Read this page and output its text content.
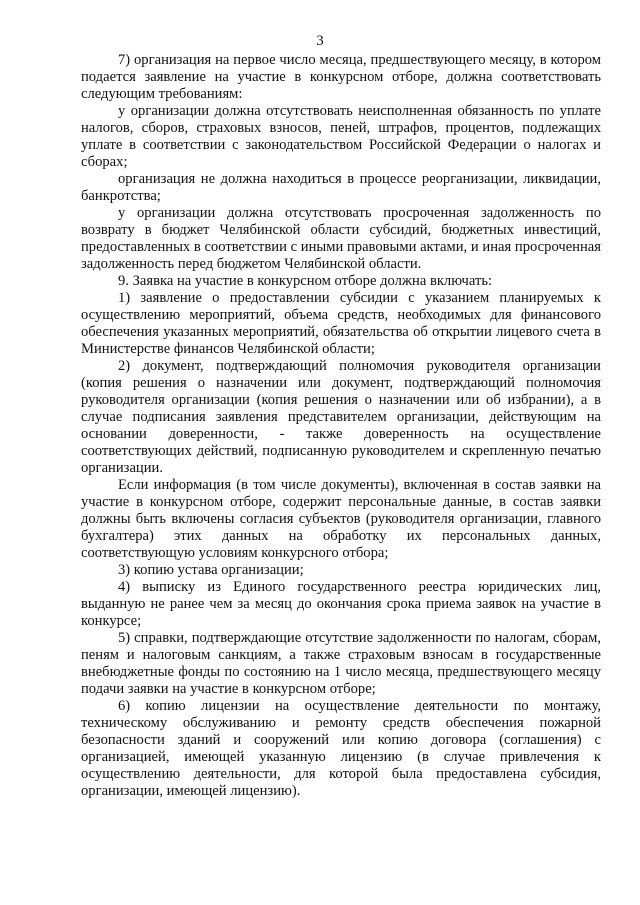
3

7) организация на первое число месяца, предшествующего месяцу, в котором подается заявление на участие в конкурсном отборе, должна соответствовать следующим требованиям:

у организации должна отсутствовать неисполненная обязанность по уплате налогов, сборов, страховых взносов, пеней, штрафов, процентов, подлежащих уплате в соответствии с законодательством Российской Федерации о налогах и сборах;

организация не должна находиться в процессе реорганизации, ликвидации, банкротства;

у организации должна отсутствовать просроченная задолженность по возврату в бюджет Челябинской области субсидий, бюджетных инвестиций, предоставленных в соответствии с иными правовыми актами, и иная просроченная задолженность перед бюджетом Челябинской области.

9. Заявка на участие в конкурсном отборе должна включать:

1) заявление о предоставлении субсидии с указанием планируемых к осуществлению мероприятий, объема средств, необходимых для финансового обеспечения указанных мероприятий, обязательства об открытии лицевого счета в Министерстве финансов Челябинской области;

2) документ, подтверждающий полномочия руководителя организации (копия решения о назначении или документ, подтверждающий полномочия руководителя организации (копия решения о назначении или об избрании), а в случае подписания заявления представителем организации, действующим на основании доверенности, - также доверенность на осуществление соответствующих действий, подписанную руководителем и скрепленную печатью организации.

Если информация (в том числе документы), включенная в состав заявки на участие в конкурсном отборе, содержит персональные данные, в состав заявки должны быть включены согласия субъектов (руководителя организации, главного бухгалтера) этих данных на обработку их персональных данных, соответствующую условиям конкурсного отбора;

3) копию устава организации;

4) выписку из Единого государственного реестра юридических лиц, выданную не ранее чем за месяц до окончания срока приема заявок на участие в конкурсе;

5) справки, подтверждающие отсутствие задолженности по налогам, сборам, пеням и налоговым санкциям, а также страховым взносам в государственные внебюджетные фонды по состоянию на 1 число месяца, предшествующего месяцу подачи заявки на участие в конкурсном отборе;

6) копию лицензии на осуществление деятельности по монтажу, техническому обслуживанию и ремонту средств обеспечения пожарной безопасности зданий и сооружений или копию договора (соглашения) с организацией, имеющей указанную лицензию (в случае привлечения к осуществлению деятельности, для которой была предоставлена субсидия, организации, имеющей лицензию).
